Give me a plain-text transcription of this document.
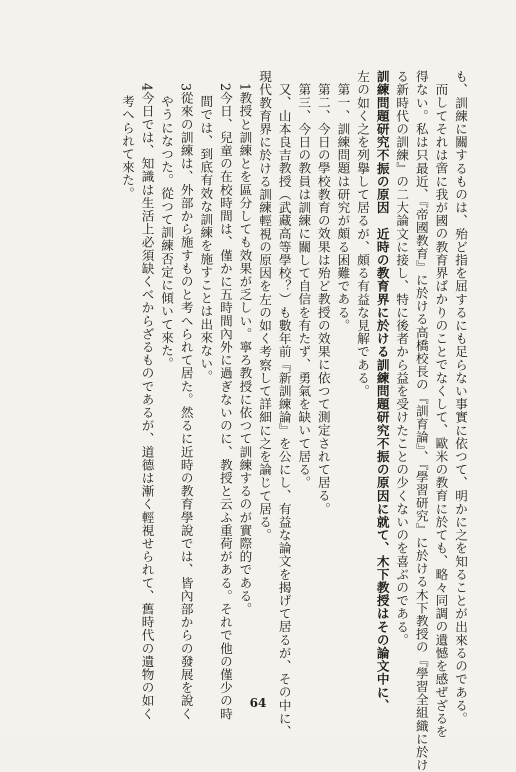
も、訓練に關するものは、殆ど指を屈するにも足らない事實に依つて、明かに之を知ることが出來るのである。
而してそれは啻に我が國の教育界ばかりのことでなくして、歐米の教育に於ても、略々同調の遺憾を感ぜざるを
得ない。私は只最近、『帝國教育』に於ける高橋校長の『訓育論』、『學習研究』に於ける木下教授の『學習全組織に於け
る新時代の訓練』の二大論文に接し、特に後者から益を受けたことの少くないのを喜ぶのである。
訓練問題研究不振の原因　近時の教育界に於ける訓練問題研究不振の原因に就て、木下教授はその論文中に、
左の如く之を列擧して居るが、頗る有益な見解である。
第一、訓練問題は研究が頗る困難である。
第二、今日の學校教育の效果は殆ど教授の效果に依つて測定されて居る。
第三、今日の教員は訓練に關して自信を有たず、勇氣を缺いて居る。
又、山本良吉教授（武藏高等學校？）も數年前『新訓練論』を公にし、有益な論文を揭げて居るが、その中に、
現代教育界に於ける訓練輕視の原因を左の如く考察して詳細に之を論じて居る。
1教授と訓練とを區分しても效果が乏しい。寧ろ教授に依つて訓練するのが實際的である。
2今日、兒童の在校時間は、僅かに五時間內外に過ぎないのに、教授と云ふ重荷がある。それで他の僅少の時
間では、到底有效な訓練を施すことは出來ない。
3從來の訓練は、外部から施すものと考へられて居た。然るに近時の教育學說では、皆內部からの發展を說く
やうになつた。從つて訓練否定に傾いて來た。
4今日では、知識は生活上必須缺くべからざるものであるが、道德は漸く輕視せられて、舊時代の遺物の如く
考へられて來た。
64
